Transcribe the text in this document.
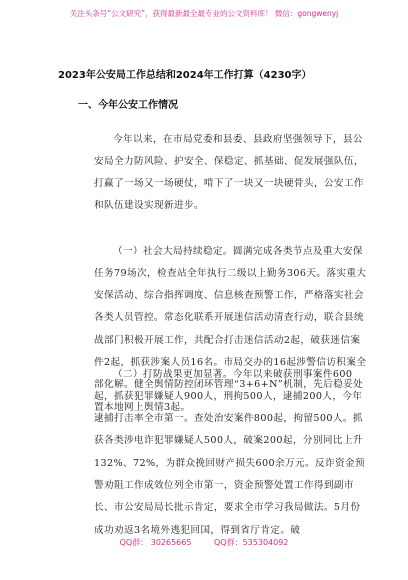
关注头条号“公文研究”，获得最新最全最专业的公文资料库！ 微信：gongwenyj
2023年公安局工作总结和2024年工作打算（4230字）
一、今年公安工作情况

今年以来，在市局党委和县委、县政府坚强领导下，县公安局全力防风险、护安全、保稳定、抓基础、促发展强队伍，打赢了一场又一场硬仗，啃下了一块又一块硬骨头，公安工作和队伍建设实现新进步。

（一）社会大局持续稳定。圆满完成各类节点及重大安保任务79场次，检查站全年执行二级以上勤务306天。落实重大安保活动、综合指挥调度、信息核查预警工作，严格落实社会各类人员管控。常态化联系开展迷信活动清查行动，联合县统战部门积极开展工作，共配合打击迷信活动2起，破获迷信案件2起，抓获涉案人员16名。市局交办的16起涉警信访积案全部化解。健全舆情防控闭环管理“3+6+N”机制，先后稳妥处置本地网上舆情3起。

（二）打防战果更加显著。今年以来破获刑事案件600起，抓获犯罪嫌疑人900人，刑拘500人，逮捕200人，今年逮捕打击率全市第一。查处治安案件800起，拘留500人。抓获各类涉电诈犯罪嫌疑人500人，破案200起，分别同比上升132%、72%，为群众挽回财产损失600余万元。反诈资金预警劝阻工作成效位列全市第一，资金预警处置工作得到副市长、市公安局局长批示肯定，要求全市学习我局做法。5月份成功劝返3名境外逃犯回国，得到省厅肯定。破

QQ群： 30265665	QQ群：535304092
